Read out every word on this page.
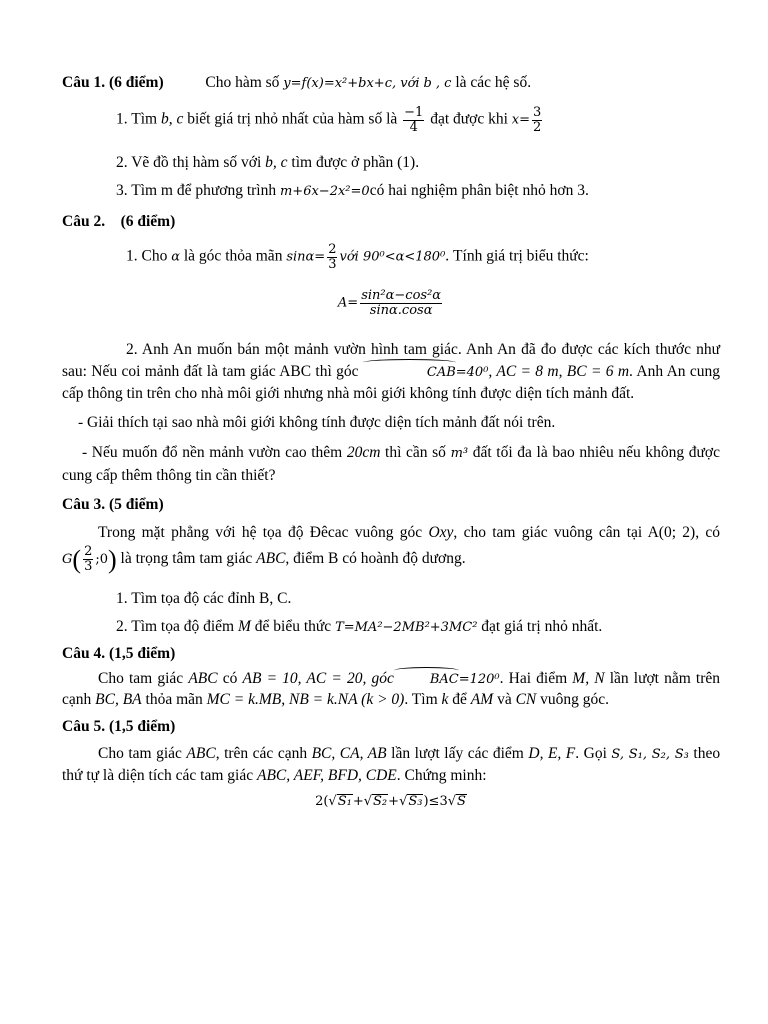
Câu 1. (6 điểm)	Cho hàm số y=f(x)=x²+bx+c, với b , c là các hệ số.
1. Tìm b, c biết giá trị nhỏ nhất của hàm số là $\frac{-1}{4}$ đạt được khi $x= \frac{3}{2}$
2. Vẽ đồ thị hàm số với b, c tìm được ở phần (1).
3. Tìm m để phương trình m+6x−2x²=0có hai nghiệm phân biệt nhỏ hơn 3.
Câu 2.    (6 điểm)
1. Cho α là góc thỏa mãn $\sin\alpha= \frac{2}{3}$ với 90⁰<α<180⁰. Tính giá trị biểu thức:
$A= \frac{\text{sin²α−cos²α}}{\sin\alpha.\cos\alpha}$
2. Anh An muốn bán một mảnh vườn hình tam giác. Anh An đã đo được các kích thước như sau: Nếu coi mảnh đất là tam giác ABC thì góc	CAB=40⁰, AC = 8 m, BC = 6 m. Anh An cung cấp thông tin trên cho nhà môi giới nhưng nhà môi giới không tính được diện tích mảnh đất.
- Giải thích tại sao nhà môi giới không tính được diện tích mảnh đất nói trên.
- Nếu muốn đổ nền mảnh vườn cao thêm 20cm thì cần số m³ đất tối đa là bao nhiêu nếu không được cung cấp thêm thông tin cần thiết?
Câu 3. (5 điểm)
Trong mặt phẳng với hệ tọa độ Đêcac vuông góc Oxy, cho tam giác vuông cân tại A(0; 2), có
$G( \frac{2}{3}$ ;0) là trọng tâm tam giác ABC, điểm B có hoành độ dương.
1. Tìm tọa độ các đỉnh B, C.
2. Tìm tọa độ điểm M để biểu thức T=MA²−2MB²+3MC² đạt giá trị nhỏ nhất.
Câu 4. (1,5 điểm)
Cho tam giác ABC có AB = 10, AC = 20, góc	BAC=120⁰. Hai điểm M, N lần lượt nằm trên cạnh BC, BA thỏa mãn MC = k.MB, NB = k.NA (k > 0). Tìm k để AM và CN vuông góc.
Câu 5. (1,5 điểm)
Cho tam giác ABC, trên các cạnh BC, CA, AB lần lượt lấy các điểm D, E, F. Gọi S, S₁, S₂, S₃ theo thứ tự là diện tích các tam giác ABC, AEF, BFD, CDE. Chứng minh:
2(√S₁+√S₂+√S₃)≤3√S
